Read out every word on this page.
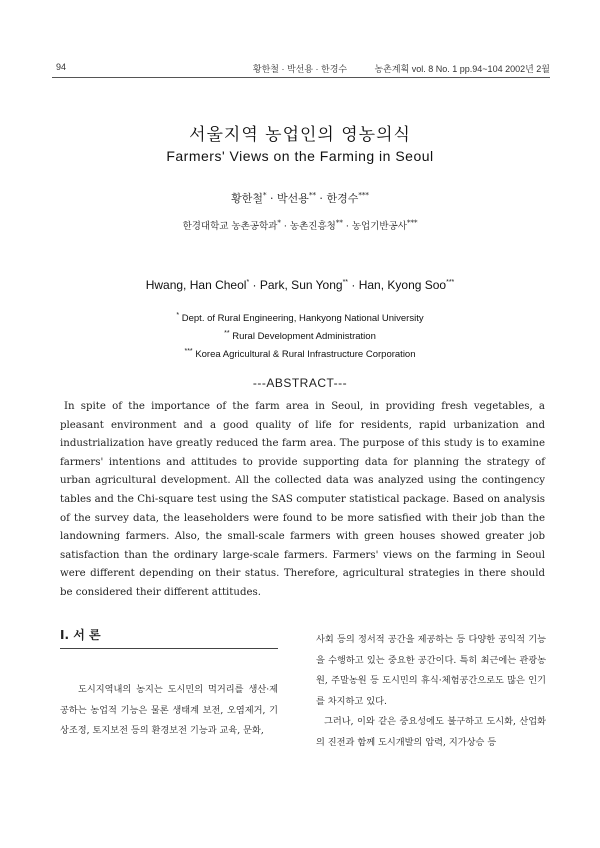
94	황한철 · 박선용 · 한경수	농촌계획 vol. 8 No. 1 pp.94~104 2002년 2월
서울지역 농업인의 영농의식
Farmers' Views on the Farming in Seoul
황한철* · 박선용** · 한경수***
한경대학교 농촌공학과* · 농촌진흥청** · 농업기반공사***
Hwang, Han Cheol* · Park, Sun Yong** · Han, Kyong Soo***
* Dept. of Rural Engineering, Hankyong National University
** Rural Development Administration
*** Korea Agricultural & Rural Infrastructure Corporation
---ABSTRACT---
In spite of the importance of the farm area in Seoul, in providing fresh vegetables, a pleasant environment and a good quality of life for residents, rapid urbanization and industrialization have greatly reduced the farm area. The purpose of this study is to examine farmers' intentions and attitudes to provide supporting data for planning the strategy of urban agricultural development. All the collected data was analyzed using the contingency tables and the Chi-square test using the SAS computer statistical package. Based on analysis of the survey data, the leaseholders were found to be more satisfied with their job than the landowning farmers. Also, the small-scale farmers with green houses showed greater job satisfaction than the ordinary large-scale farmers. Farmers' views on the farming in Seoul were different depending on their status. Therefore, agricultural strategies in there should be considered their different attitudes.
Ⅰ. 서 론
도시지역내의 농지는 도시민의 먹거리를 생산·제공하는 농업적 기능은 물론 생태계 보전, 오염제거, 기상조정, 토지보전 등의 환경보전 기능과 교육, 문화,

사회 등의 정서적 공간을 제공하는 등 다양한 공익적 기능을 수행하고 있는 중요한 공간이다. 특히 최근에는 관광농원, 주말농원 등 도시민의 휴식·체험공간으로도 많은 인기를 차지하고 있다.

그러나, 이와 같은 중요성에도 불구하고 도시화, 산업화의 진전과 함께 도시개발의 압력, 지가상승 등
